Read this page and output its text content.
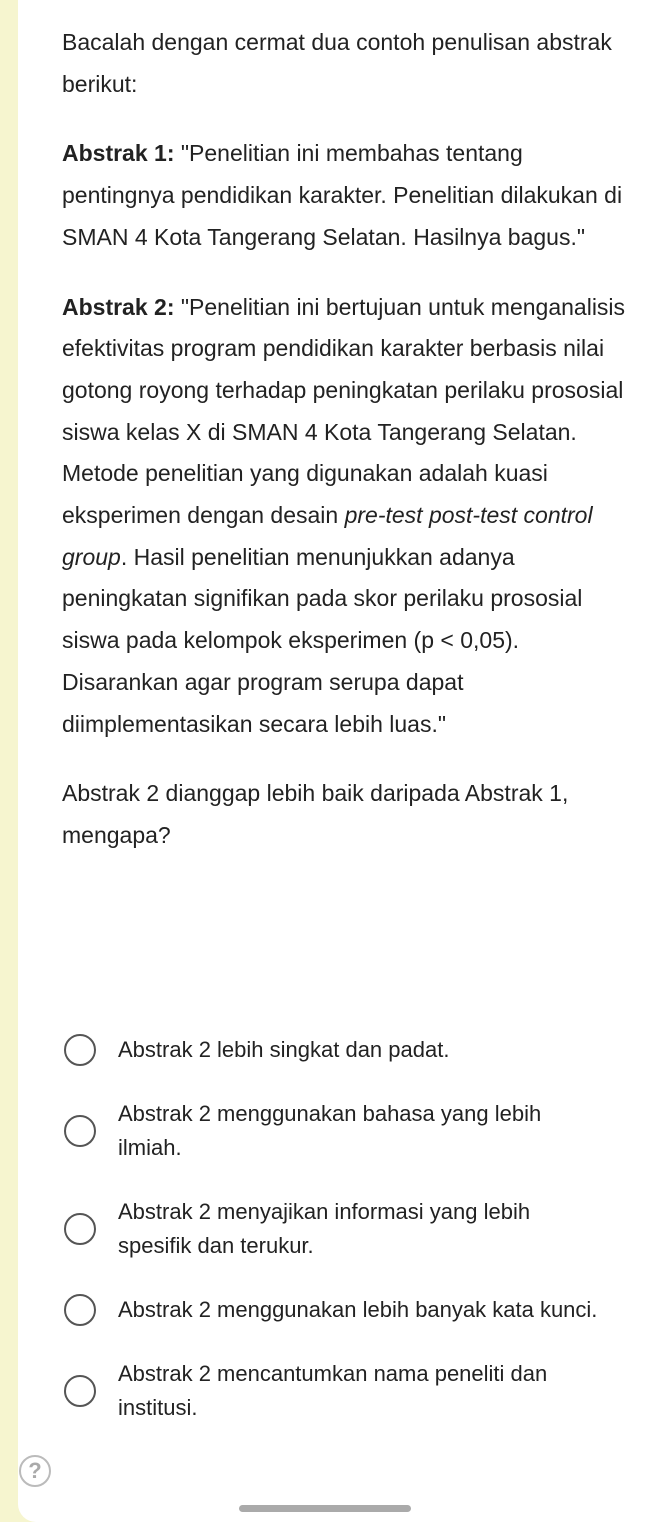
Bacalah dengan cermat dua contoh penulisan abstrak berikut:

Abstrak 1: "Penelitian ini membahas tentang pentingnya pendidikan karakter. Penelitian dilakukan di SMAN 4 Kota Tangerang Selatan. Hasilnya bagus."

Abstrak 2: "Penelitian ini bertujuan untuk menganalisis efektivitas program pendidikan karakter berbasis nilai gotong royong terhadap peningkatan perilaku prososial siswa kelas X di SMAN 4 Kota Tangerang Selatan. Metode penelitian yang digunakan adalah kuasi eksperimen dengan desain pre-test post-test control group. Hasil penelitian menunjukkan adanya peningkatan signifikan pada skor perilaku prososial siswa pada kelompok eksperimen (p < 0,05). Disarankan agar program serupa dapat diimplementasikan secara lebih luas."

Abstrak 2 dianggap lebih baik daripada Abstrak 1, mengapa?

Abstrak 2 lebih singkat dan padat.
Abstrak 2 menggunakan bahasa yang lebih ilmiah.
Abstrak 2 menyajikan informasi yang lebih spesifik dan terukur.
Abstrak 2 menggunakan lebih banyak kata kunci.
Abstrak 2 mencantumkan nama peneliti dan institusi.
?
